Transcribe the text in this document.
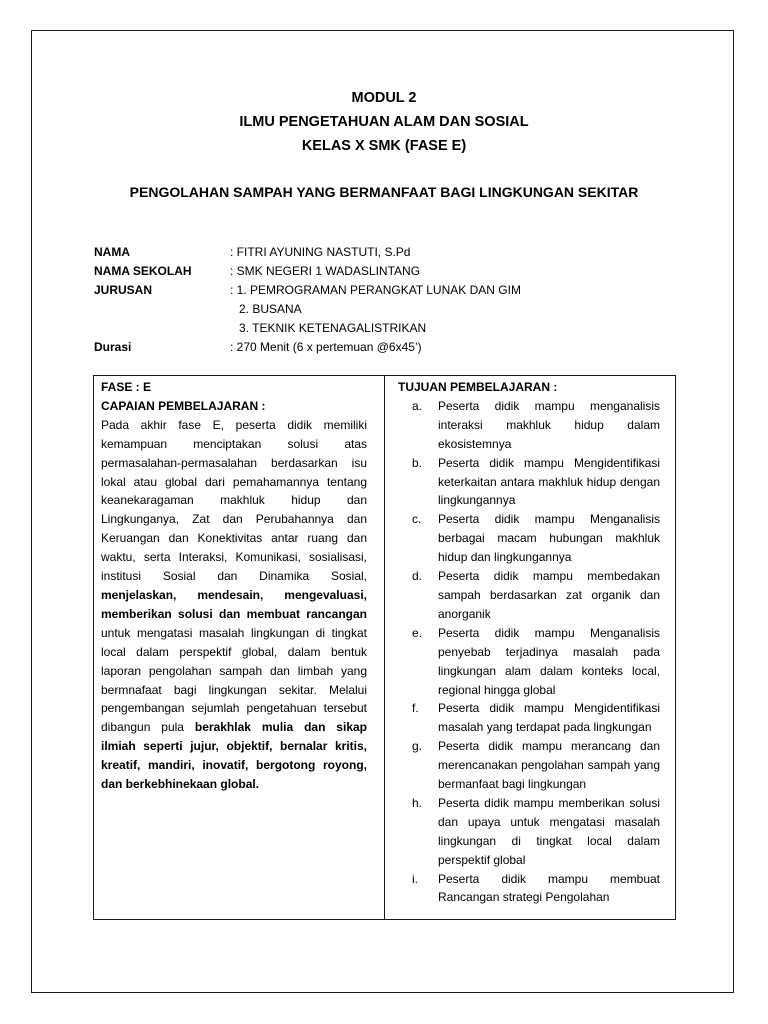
MODUL 2
ILMU PENGETAHUAN ALAM DAN SOSIAL
KELAS X SMK (FASE E)
PENGOLAHAN SAMPAH YANG BERMANFAAT BAGI LINGKUNGAN SEKITAR
NAMA	: FITRI AYUNING NASTUTI, S.Pd
NAMA SEKOLAH	: SMK NEGERI 1 WADASLINTANG
JURUSAN	: 1. PEMROGRAMAN PERANGKAT LUNAK DAN GIM
2. BUSANA
3. TEKNIK KETENAGALISTRIKAN
Durasi	: 270 Menit (6 x pertemuan @6x45’)
FASE : E
CAPAIAN PEMBELAJARAN :
Pada akhir fase E, peserta didik memiliki kemampuan menciptakan solusi atas permasalahan-permasalahan berdasarkan isu lokal atau global dari pemahamannya tentang keanekaragaman makhluk hidup dan Lingkunganya, Zat dan Perubahannya dan Keruangan dan Konektivitas antar ruang dan waktu, serta Interaksi, Komunikasi, sosialisasi, institusi Sosial dan Dinamika Sosial, menjelaskan, mendesain, mengevaluasi, memberikan solusi dan membuat rancangan untuk mengatasi masalah lingkungan di tingkat local dalam perspektif global, dalam bentuk laporan pengolahan sampah dan limbah yang bermnafaat bagi lingkungan sekitar. Melalui pengembangan sejumlah pengetahuan tersebut dibangun pula berakhlak mulia dan sikap ilmiah seperti jujur, objektif, bernalar kritis, kreatif, mandiri, inovatif, bergotong royong, dan berkebhinekaan global.
TUJUAN PEMBELAJARAN :
a. Peserta didik mampu menganalisis interaksi makhluk hidup dalam ekosistemnya
b. Peserta didik mampu Mengidentifikasi keterkaitan antara makhluk hidup dengan lingkungannya
c. Peserta didik mampu Menganalisis berbagai macam hubungan makhluk hidup dan lingkungannya
d. Peserta didik mampu membedakan sampah berdasarkan zat organik dan anorganik
e. Peserta didik mampu Menganalisis penyebab terjadinya masalah pada lingkungan alam dalam konteks local, regional hingga global
f. Peserta didik mampu Mengidentifikasi masalah yang terdapat pada lingkungan
g. Peserta didik mampu merancang dan merencanakan pengolahan sampah yang bermanfaat bagi lingkungan
h. Peserta didik mampu memberikan solusi dan upaya untuk mengatasi masalah lingkungan di tingkat local dalam perspektif global
i. Peserta didik mampu membuat Rancangan strategi Pengolahan
